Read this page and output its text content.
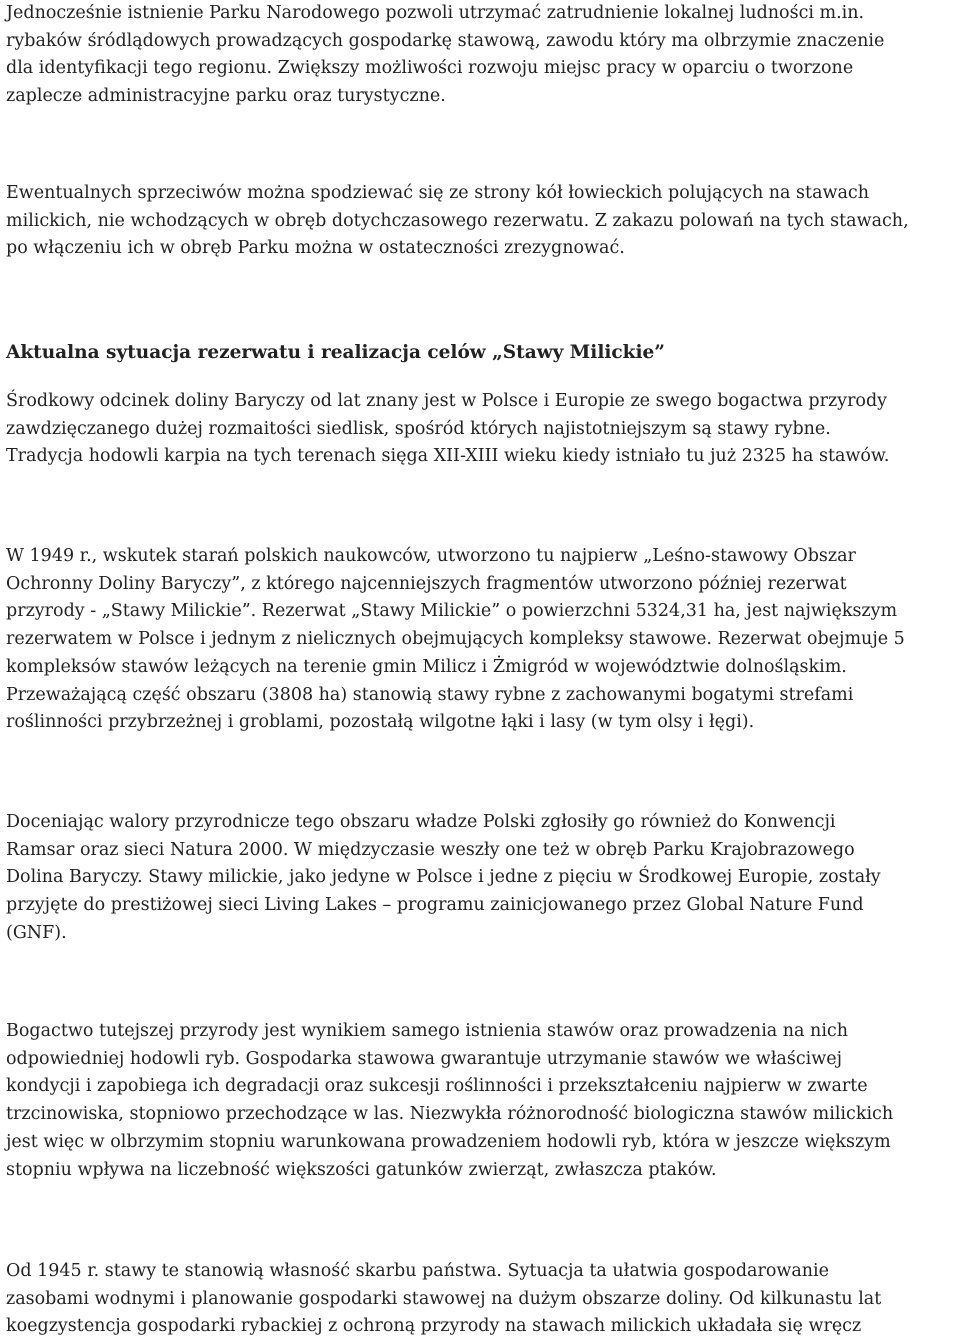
Jednocześnie istnienie Parku Narodowego pozwoli utrzymać zatrudnienie lokalnej ludności m.in.
rybaków śródlądowych prowadzących gospodarkę stawową, zawodu który ma olbrzymie znaczenie
dla identyfikacji tego regionu. Zwiększy możliwości rozwoju miejsc pracy w oparciu o tworzone
zaplecze administracyjne parku oraz turystyczne.

Ewentualnych sprzeciwów można spodziewać się ze strony kół łowieckich polujących na stawach
milickich, nie wchodzących w obręb dotychczasowego rezerwatu. Z zakazu polowań na tych stawach,
po włączeniu ich w obręb Parku można w ostateczności zrezygnować.

Aktualna sytuacja rezerwatu i realizacja celów „Stawy Milickie”

Środkowy odcinek doliny Baryczy od lat znany jest w Polsce i Europie ze swego bogactwa przyrody
zawdzięczanego dużej rozmaitości siedlisk, spośród których najistotniejszym są stawy rybne.
Tradycja hodowli karpia na tych terenach sięga XII-XIII wieku kiedy istniało tu już 2325 ha stawów.

W 1949 r., wskutek starań polskich naukowców, utworzono tu najpierw „Leśno-stawowy Obszar
Ochronny Doliny Baryczy”, z którego najcenniejszych fragmentów utworzono później rezerwat
przyrody - „Stawy Milickie”. Rezerwat „Stawy Milickie” o powierzchni 5324,31 ha, jest największym
rezerwatem w Polsce i jednym z nielicznych obejmujących kompleksy stawowe. Rezerwat obejmuje 5
kompleksów stawów leżących na terenie gmin Milicz i Żmigród w województwie dolnośląskim.
Przeważającą część obszaru (3808 ha) stanowią stawy rybne z zachowanymi bogatymi strefami
roślinności przybrzeżnej i groblami, pozostałą wilgotne łąki i lasy (w tym olsy i łęgi).

Doceniając walory przyrodnicze tego obszaru władze Polski zgłosiły go również do Konwencji
Ramsar oraz sieci Natura 2000. W międzyczasie weszły one też w obręb Parku Krajobrazowego
Dolina Baryczy. Stawy milickie, jako jedyne w Polsce i jedne z pięciu w Środkowej Europie, zostały
przyjęte do prestiżowej sieci Living Lakes – programu zainicjowanego przez Global Nature Fund
(GNF).

Bogactwo tutejszej przyrody jest wynikiem samego istnienia stawów oraz prowadzenia na nich
odpowiedniej hodowli ryb. Gospodarka stawowa gwarantuje utrzymanie stawów we właściwej
kondycji i zapobiega ich degradacji oraz sukcesji roślinności i przekształceniu najpierw w zwarte
trzcinowiska, stopniowo przechodzące w las. Niezwykła różnorodność biologiczna stawów milickich
jest więc w olbrzymim stopniu warunkowana prowadzeniem hodowli ryb, która w jeszcze większym
stopniu wpływa na liczebność większości gatunków zwierząt, zwłaszcza ptaków.

Od 1945 r. stawy te stanowią własność skarbu państwa. Sytuacja ta ułatwia gospodarowanie
zasobami wodnymi i planowanie gospodarki stawowej na dużym obszarze doliny. Od kilkunastu lat
koegzystencja gospodarki rybackiej z ochroną przyrody na stawach milickich układała się wręcz
